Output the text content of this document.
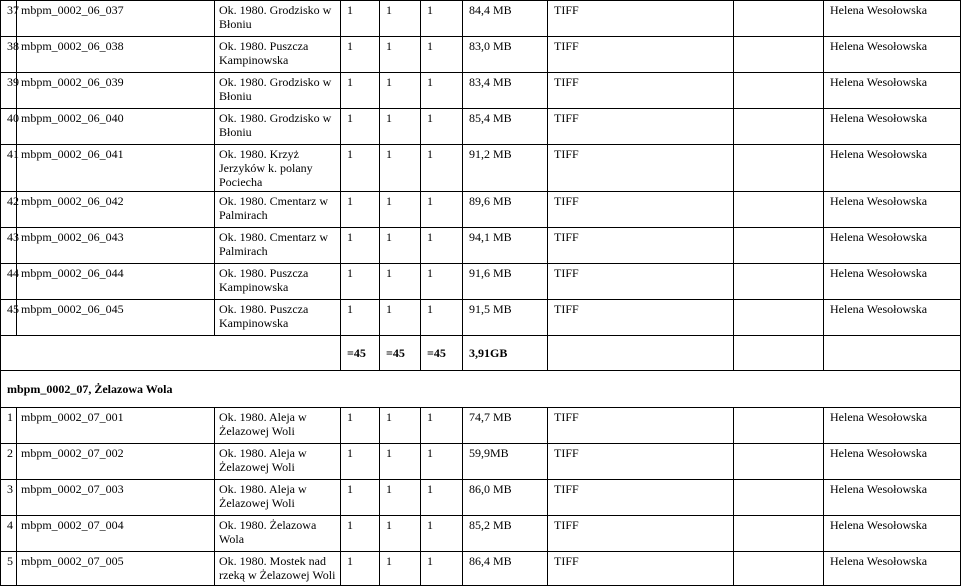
37	mbpm_0002_06_037	Ok. 1980. Grodzisko w Błoniu	1	1	1	84,4 MB	TIFF		Helena Wesołowska
38	mbpm_0002_06_038	Ok. 1980. Puszcza Kampinowska	1	1	1	83,0 MB	TIFF		Helena Wesołowska
39	mbpm_0002_06_039	Ok. 1980. Grodzisko w Błoniu	1	1	1	83,4 MB	TIFF		Helena Wesołowska
40	mbpm_0002_06_040	Ok. 1980. Grodzisko w Błoniu	1	1	1	85,4 MB	TIFF		Helena Wesołowska
41	mbpm_0002_06_041	Ok. 1980. Krzyż Jerzyków k. polany Pociecha	1	1	1	91,2 MB	TIFF		Helena Wesołowska
42	mbpm_0002_06_042	Ok. 1980. Cmentarz w Palmirach	1	1	1	89,6 MB	TIFF		Helena Wesołowska
43	mbpm_0002_06_043	Ok. 1980. Cmentarz w Palmirach	1	1	1	94,1 MB	TIFF		Helena Wesołowska
44	mbpm_0002_06_044	Ok. 1980. Puszcza Kampinowska	1	1	1	91,6 MB	TIFF		Helena Wesołowska
45	mbpm_0002_06_045	Ok. 1980. Puszcza Kampinowska	1	1	1	91,5 MB	TIFF		Helena Wesołowska
			=45	=45	=45	3,91GB			
mbpm_0002_07, Żelazowa Wola									
1	mbpm_0002_07_001	Ok. 1980. Aleja w Żelazowej Woli	1	1	1	74,7 MB	TIFF		Helena Wesołowska
2	mbpm_0002_07_002	Ok. 1980. Aleja w Żelazowej Woli	1	1	1	59,9MB	TIFF		Helena Wesołowska
3	mbpm_0002_07_003	Ok. 1980. Aleja w Żelazowej Woli	1	1	1	86,0 MB	TIFF		Helena Wesołowska
4	mbpm_0002_07_004	Ok. 1980. Żelazowa Wola	1	1	1	85,2 MB	TIFF		Helena Wesołowska
5	mbpm_0002_07_005	Ok. 1980. Mostek nad rzeką w Żelazowej Woli	1	1	1	86,4 MB	TIFF		Helena Wesołowska
